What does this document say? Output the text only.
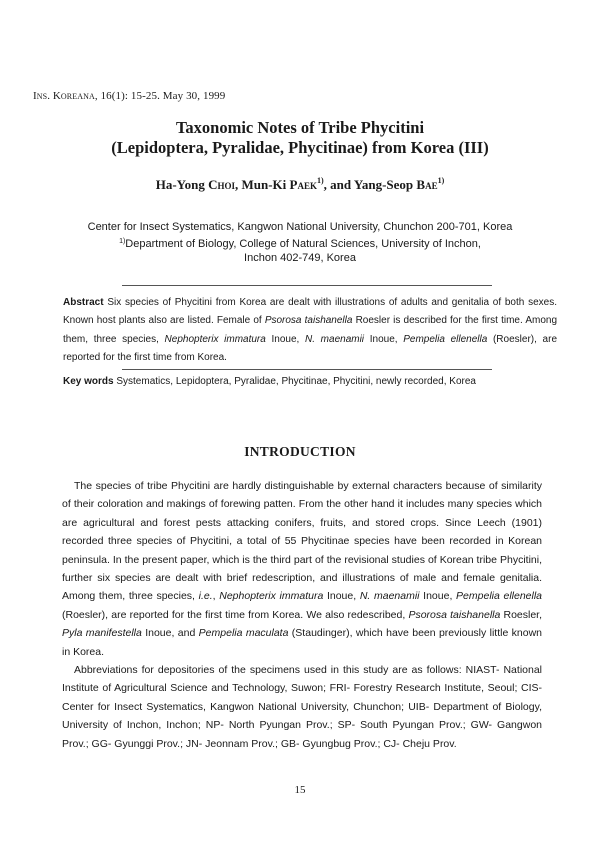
Ins. Koreana, 16(1): 15-25. May 30, 1999
Taxonomic Notes of Tribe Phycitini
(Lepidoptera, Pyralidae, Phycitinae) from Korea (III)
Ha-Yong Choi, Mun-Ki Paek$^{1)}$, and Yang-Seop Bae$^{1)}$
Center for Insect Systematics, Kangwon National University, Chunchon 200-701, Korea
$^{1)}$Department of Biology, College of Natural Sciences, University of Inchon,
Inchon 402-749, Korea
Abstract Six species of Phycitini from Korea are dealt with illustrations of adults and genitalia of both sexes. Known host plants also are listed. Female of Psorosa taishanella Roesler is described for the first time. Among them, three species, Nephopterix immatura Inoue, N. maenamii Inoue, Pempelia ellenella (Roesler), are reported for the first time from Korea.
Key words Systematics, Lepidoptera, Pyralidae, Phycitinae, Phycitini, newly recorded, Korea
INTRODUCTION

The species of tribe Phycitini are hardly distinguishable by external characters because of similarity of their coloration and makings of forewing patten. From the other hand it includes many species which are agricultural and forest pests attacking conifers, fruits, and stored crops. Since Leech (1901) recorded three species of Phycitini, a total of 55 Phycitinae species have been recorded in Korean peninsula. In the present paper, which is the third part of the revisional studies of Korean tribe Phycitini, further six species are dealt with brief redescription, and illustrations of male and female genitalia. Among them, three species, i.e., Nephopterix immatura Inoue, N. maenamii Inoue, Pempelia ellenella (Roesler), are reported for the first time from Korea. We also redescribed, Psorosa taishanella Roesler, Pyla manifestella Inoue, and Pempelia maculata (Staudinger), which have been previously little known in Korea.

Abbreviations for depositories of the specimens used in this study are as follows: NIAST- National Institute of Agricultural Science and Technology, Suwon; FRI- Forestry Research Institute, Seoul; CIS- Center for Insect Systematics, Kangwon National University, Chunchon; UIB- Department of Biology, University of Inchon, Inchon; NP- North Pyungan Prov.; SP- South Pyungan Prov.; GW- Gangwon Prov.; GG- Gyunggi Prov.; JN- Jeonnam Prov.; GB- Gyungbug Prov.; CJ- Cheju Prov.

15
